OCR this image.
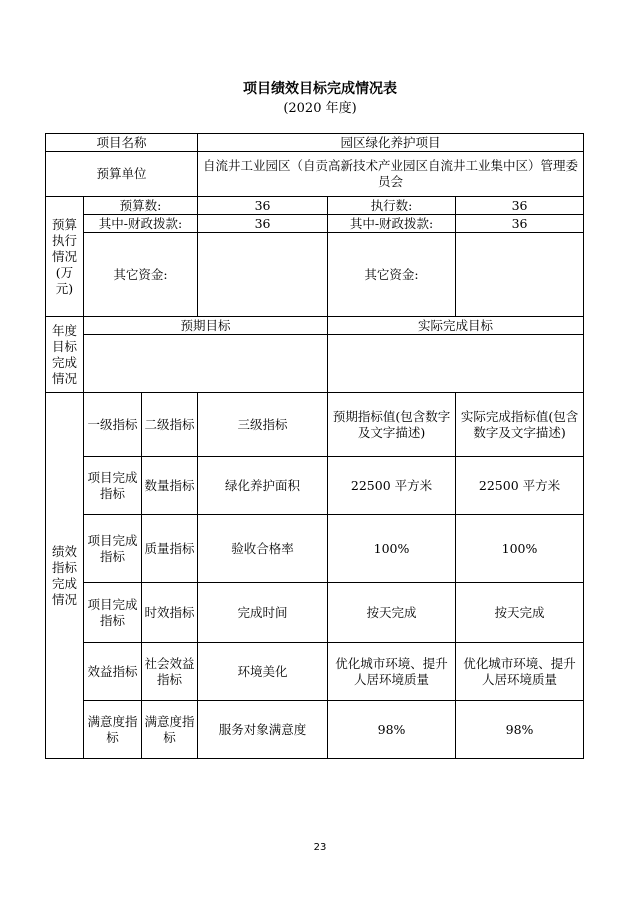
项目绩效目标完成情况表
(2020 年度)
项目名称			园区绿化养护项目		
预算单位			自流井工业园区（自贡高新技术产业园区自流井工业集中区）管理委员会		

预算执行情况(万元)	预算数:		36	执行数:	36
	其中-财政拨款:		36	其中-财政拨款:	36
	其它资金:			其它资金:	

年度目标完成情况	预期目标			实际完成目标	

绩效指标完成情况	一级指标	二级指标	三级指标	预期指标值(包含数字及文字描述)	实际完成指标值(包含数字及文字描述)
	项目完成指标	数量指标	绿化养护面积	22500 平方米	22500 平方米
	项目完成指标	质量指标	验收合格率	100%	100%
	项目完成指标	时效指标	完成时间	按天完成	按天完成
	效益指标	社会效益指标	环境美化	优化城市环境、提升人居环境质量	优化城市环境、提升人居环境质量
	满意度指标	满意度指标	服务对象满意度	98%	98%
23
